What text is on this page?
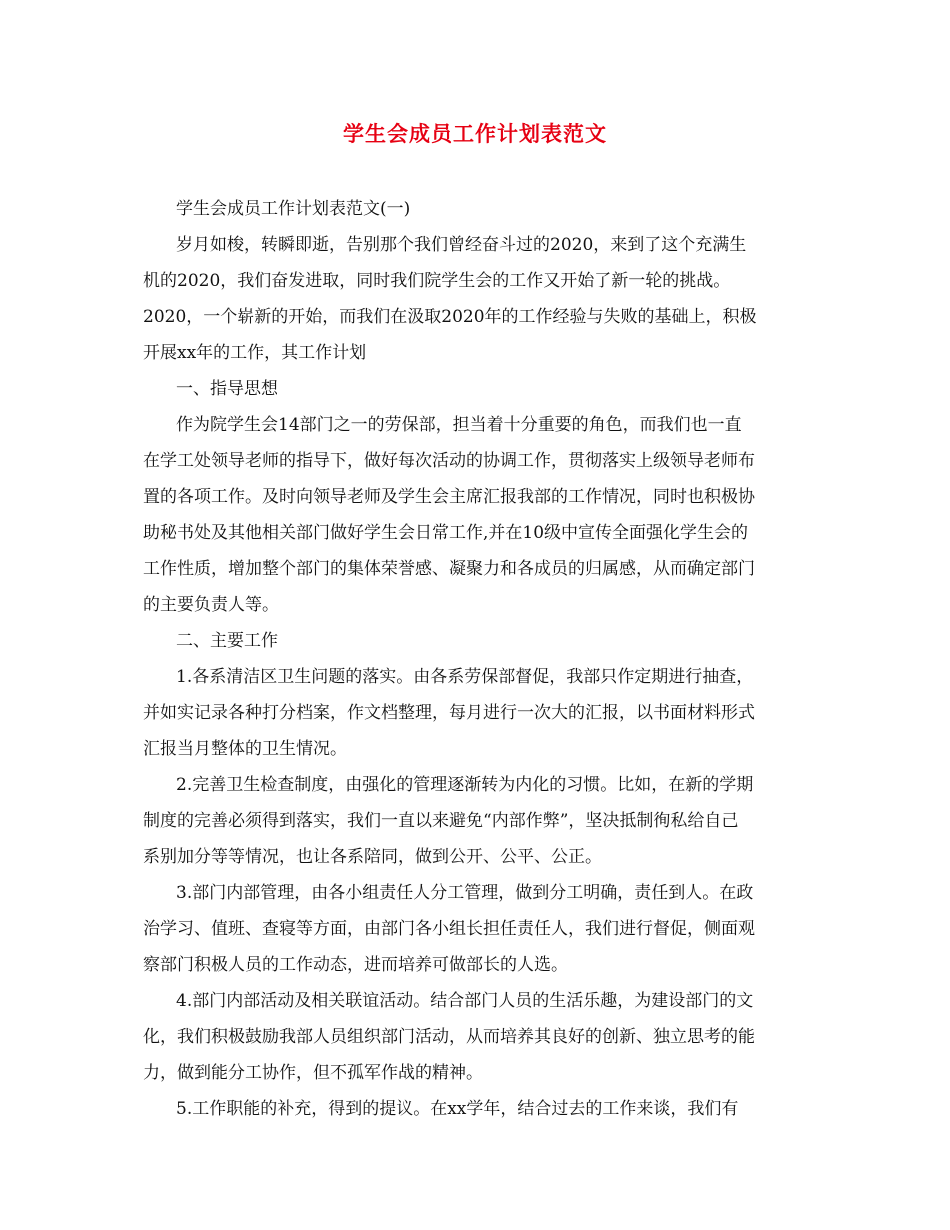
学生会成员工作计划表范文

学生会成员工作计划表范文(一)

岁月如梭，转瞬即逝，告别那个我们曾经奋斗过的2020，来到了这个充满生

机的2020，我们奋发进取，同时我们院学生会的工作又开始了新一轮的挑战。

2020，一个崭新的开始，而我们在汲取2020年的工作经验与失败的基础上，积极

开展xx年的工作，其工作计划

一、指导思想

作为院学生会14部门之一的劳保部，担当着十分重要的角色，而我们也一直

在学工处领导老师的指导下，做好每次活动的协调工作，贯彻落实上级领导老师布

置的各项工作。及时向领导老师及学生会主席汇报我部的工作情况，同时也积极协

助秘书处及其他相关部门做好学生会日常工作,并在10级中宣传全面强化学生会的

工作性质，增加整个部门的集体荣誉感、凝聚力和各成员的归属感，从而确定部门

的主要负责人等。

二、主要工作

1.各系清洁区卫生问题的落实。由各系劳保部督促，我部只作定期进行抽查，

并如实记录各种打分档案，作文档整理，每月进行一次大的汇报，以书面材料形式

汇报当月整体的卫生情况。

2.完善卫生检查制度，由强化的管理逐渐转为内化的习惯。比如，在新的学期

制度的完善必须得到落实，我们一直以来避免“内部作弊”，坚决抵制徇私给自己

系别加分等等情况，也让各系陪同，做到公开、公平、公正。

3.部门内部管理，由各小组责任人分工管理，做到分工明确，责任到人。在政

治学习、值班、查寝等方面，由部门各小组长担任责任人，我们进行督促，侧面观

察部门积极人员的工作动态，进而培养可做部长的人选。

4.部门内部活动及相关联谊活动。结合部门人员的生活乐趣，为建设部门的文

化，我们积极鼓励我部人员组织部门活动，从而培养其良好的创新、独立思考的能

力，做到能分工协作，但不孤军作战的精神。

5.工作职能的补充，得到的提议。在xx学年，结合过去的工作来谈，我们有
